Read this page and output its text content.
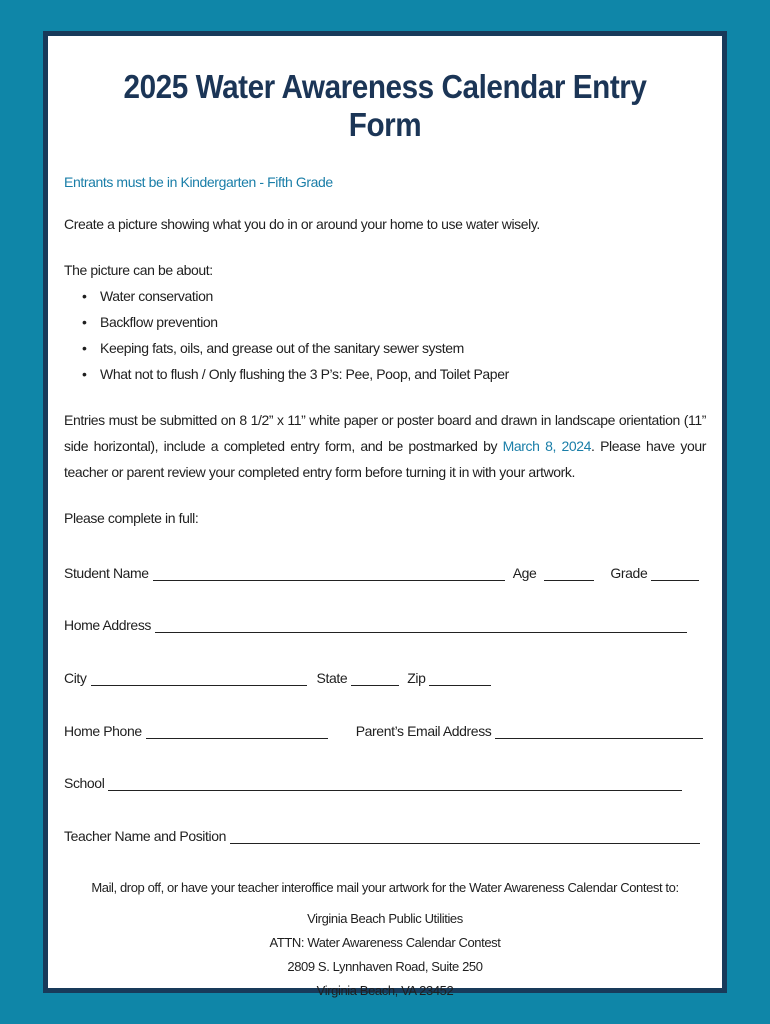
2025 Water Awareness Calendar Entry Form

Entrants must be in Kindergarten - Fifth Grade

Create a picture showing what you do in or around your home to use water wisely.

The picture can be about:

• Water conservation
• Backflow prevention
• Keeping fats, oils, and grease out of the sanitary sewer system
• What not to flush / Only flushing the 3 P’s: Pee, Poop, and Toilet Paper

Entries must be submitted on 8 1/2” x 11” white paper or poster board and drawn in landscape orientation (11” side horizontal), include a completed entry form, and be postmarked by March 8, 2024. Please have your teacher or parent review your completed entry form before turning it in with your artwork.

Please complete in full:

Student Name	Age	Grade
Home Address
City	State	Zip
Home Phone	Parent’s Email Address
School
Teacher Name and Position

Mail, drop off, or have your teacher interoffice mail your artwork for the Water Awareness Calendar Contest to:

Virginia Beach Public Utilities
ATTN: Water Awareness Calendar Contest
2809 S. Lynnhaven Road, Suite 250
Virginia Beach, VA 23452
